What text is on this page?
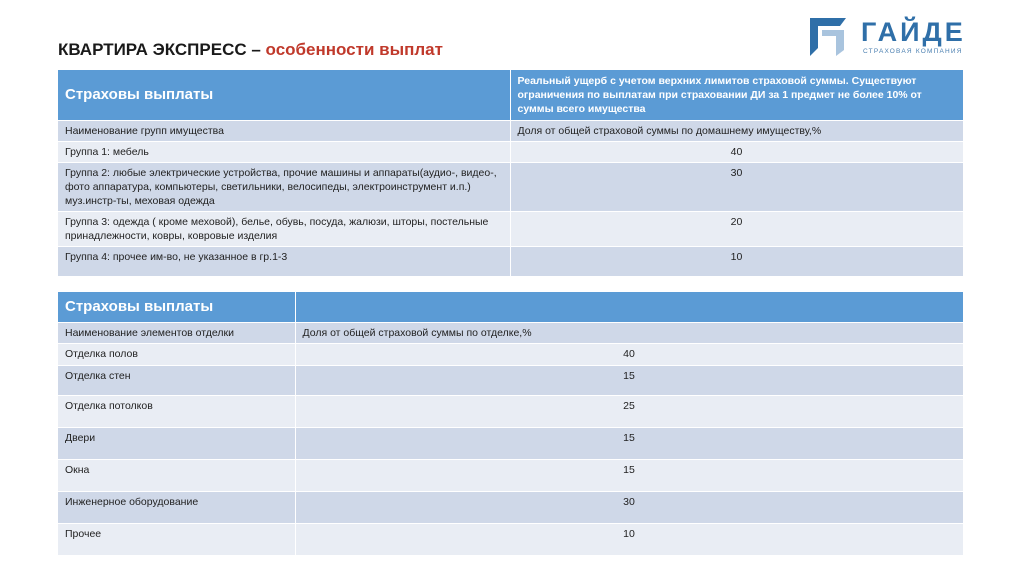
КВАРТИРА ЭКСПРЕСС – особенности выплат
ГАЙДЕ
СТРАХОВАЯ КОМПАНИЯ
Страховы выплаты	Реальный ущерб с учетом верхних лимитов страховой суммы. Существуют ограничения по выплатам при страховании ДИ за 1 предмет не более 10% от суммы всего имущества
Наименование групп имущества	Доля от общей страховой суммы по домашнему имуществу,%
Группа 1: мебель	40
Группа 2: любые электрические устройства, прочие машины и аппараты(аудио-, видео-, фото аппаратура, компьютеры, светильники, велосипеды, электроинструмент и.п.) муз.инстр-ты, меховая одежда	30
Группа 3: одежда ( кроме меховой), белье, обувь, посуда, жалюзи, шторы, постельные принадлежности, ковры, ковровые изделия	20
Группа 4: прочее им-во, не указанное в гр.1-3	10
Страховы выплаты	
Наименование элементов отделки	Доля от общей страховой суммы по отделке,%
Отделка полов	40
Отделка стен	15
Отделка потолков	25
Двери	15
Окна	15
Инженерное оборудование	30
Прочее	10
